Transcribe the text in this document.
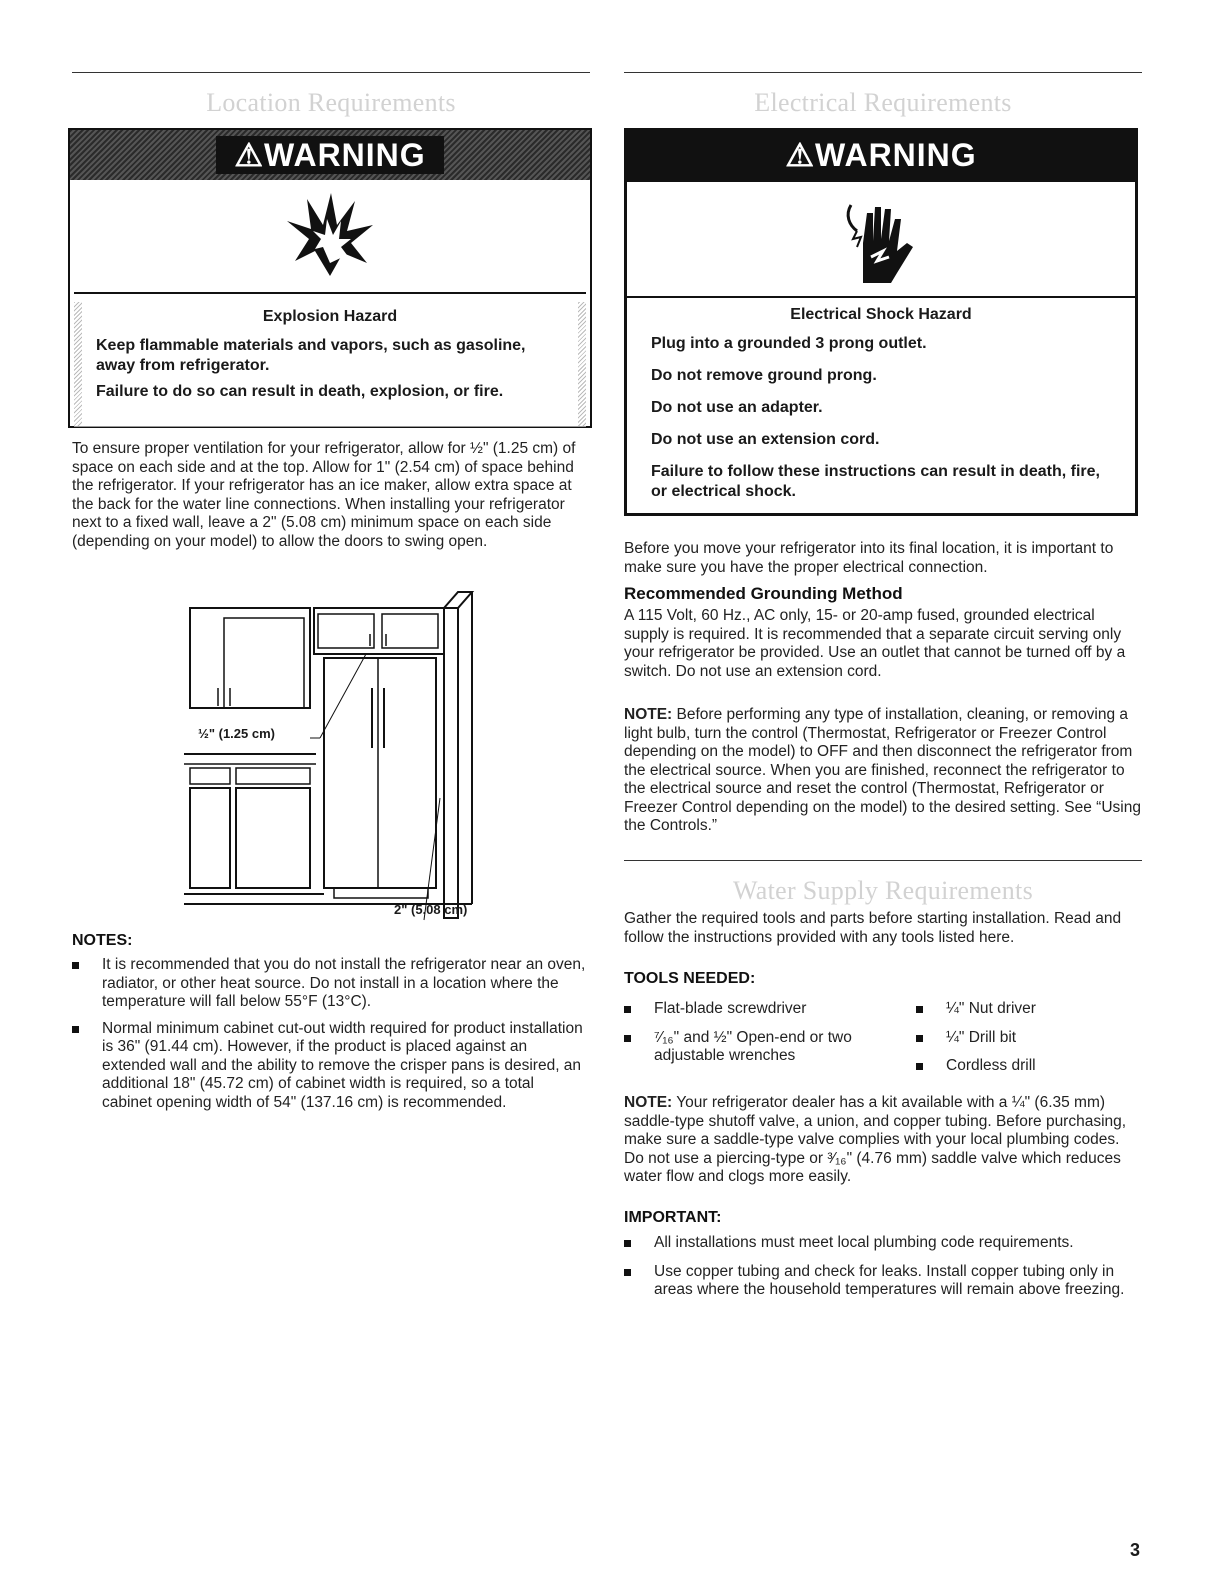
Location Requirements
⚠WARNING
Explosion Hazard

Keep flammable materials and vapors, such as gasoline, away from refrigerator.

Failure to do so can result in death, explosion, or fire.

To ensure proper ventilation for your refrigerator, allow for ½" (1.25 cm) of space on each side and at the top. Allow for 1" (2.54 cm) of space behind the refrigerator. If your refrigerator has an ice maker, allow extra space at the back for the water line connections. When installing your refrigerator next to a fixed wall, leave a 2" (5.08 cm) minimum space on each side (depending on your model) to allow the doors to swing open.

½" (1.25 cm)
2" (5.08 cm)
NOTES:
It is recommended that you do not install the refrigerator near an oven, radiator, or other heat source. Do not install in a location where the temperature will fall below 55°F (13°C).
Normal minimum cabinet cut-out width required for product installation is 36" (91.44 cm). However, if the product is placed against an extended wall and the ability to remove the crisper pans is desired, an additional 18" (45.72 cm) of cabinet width is required, so a total cabinet opening width of 54" (137.16 cm) is recommended.
Electrical Requirements
⚠WARNING
Electrical Shock Hazard

Plug into a grounded 3 prong outlet.

Do not remove ground prong.

Do not use an adapter.

Do not use an extension cord.

Failure to follow these instructions can result in death, fire, or electrical shock.

Before you move your refrigerator into its final location, it is important to make sure you have the proper electrical connection.

Recommended Grounding Method

A 115 Volt, 60 Hz., AC only, 15- or 20-amp fused, grounded electrical supply is required. It is recommended that a separate circuit serving only your refrigerator be provided. Use an outlet that cannot be turned off by a switch. Do not use an extension cord.

NOTE: Before performing any type of installation, cleaning, or removing a light bulb, turn the control (Thermostat, Refrigerator or Freezer Control depending on the model) to OFF and then disconnect the refrigerator from the electrical source. When you are finished, reconnect the refrigerator to the electrical source and reset the control (Thermostat, Refrigerator or Freezer Control depending on the model) to the desired setting. See “Using the Controls.”

Water Supply Requirements

Gather the required tools and parts before starting installation. Read and follow the instructions provided with any tools listed here.

TOOLS NEEDED:
Flat-blade screwdriver
⁷⁄₁₆" and ½" Open-end or two adjustable wrenches
¼" Nut driver
¼" Drill bit
Cordless drill

NOTE: Your refrigerator dealer has a kit available with a ¼" (6.35 mm) saddle-type shutoff valve, a union, and copper tubing. Before purchasing, make sure a saddle-type valve complies with your local plumbing codes. Do not use a piercing-type or ³⁄₁₆" (4.76 mm) saddle valve which reduces water flow and clogs more easily.

IMPORTANT:
All installations must meet local plumbing code requirements.
Use copper tubing and check for leaks. Install copper tubing only in areas where the household temperatures will remain above freezing.
3
